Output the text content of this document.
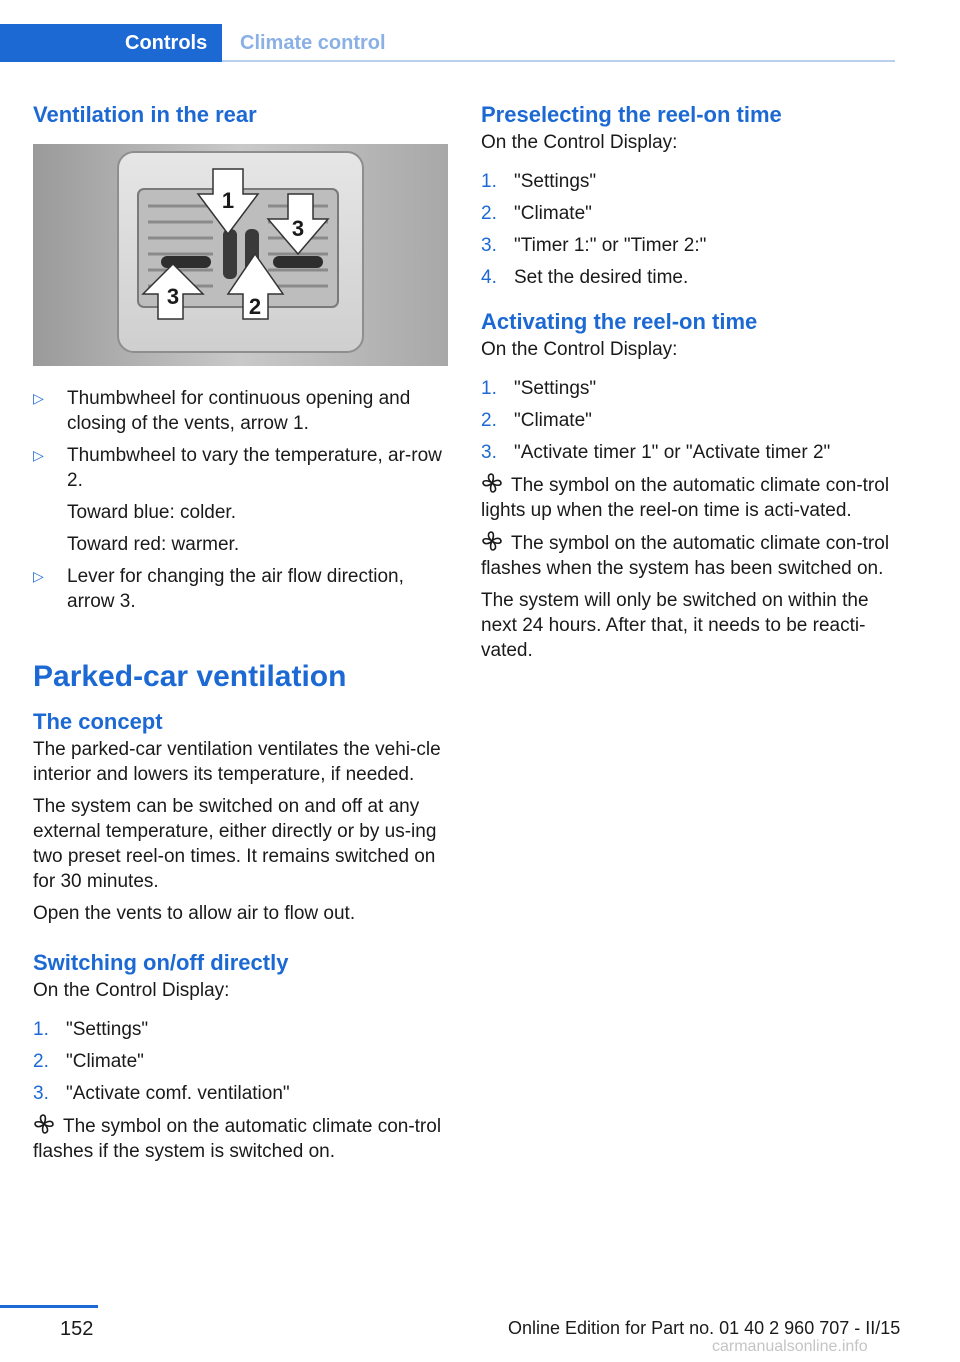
Controls	Climate control
Ventilation in the rear
1
2
3
3
▷ Thumbwheel for continuous opening and closing of the vents, arrow 1.
▷ Thumbwheel to vary the temperature, ar‐row 2.
Toward blue: colder.
Toward red: warmer.
▷ Lever for changing the air flow direction, arrow 3.
Parked-car ventilation
The concept

The parked-car ventilation ventilates the vehi‐cle interior and lowers its temperature, if needed.

The system can be switched on and off at any external temperature, either directly or by us‐ing two preset reel-on times. It remains switched on for 30 minutes.

Open the vents to allow air to flow out.

Switching on/off directly

On the Control Display:

1. "Settings"
2. "Climate"
3. "Activate comf. ventilation"

The symbol on the automatic climate con‐trol flashes if the system is switched on.

Preselecting the reel-on time

On the Control Display:

1. "Settings"
2. "Climate"
3. "Timer 1:" or "Timer 2:"
4. Set the desired time.
Activating the reel-on time

On the Control Display:

1. "Settings"
2. "Climate"
3. "Activate timer 1" or "Activate timer 2"

The symbol on the automatic climate con‐trol lights up when the reel-on time is acti‐vated.

The symbol on the automatic climate con‐trol flashes when the system has been switched on.

The system will only be switched on within the next 24 hours. After that, it needs to be reacti‐vated.

152	Online Edition for Part no. 01 40 2 960 707 - II/15
carmanualsonline.info
